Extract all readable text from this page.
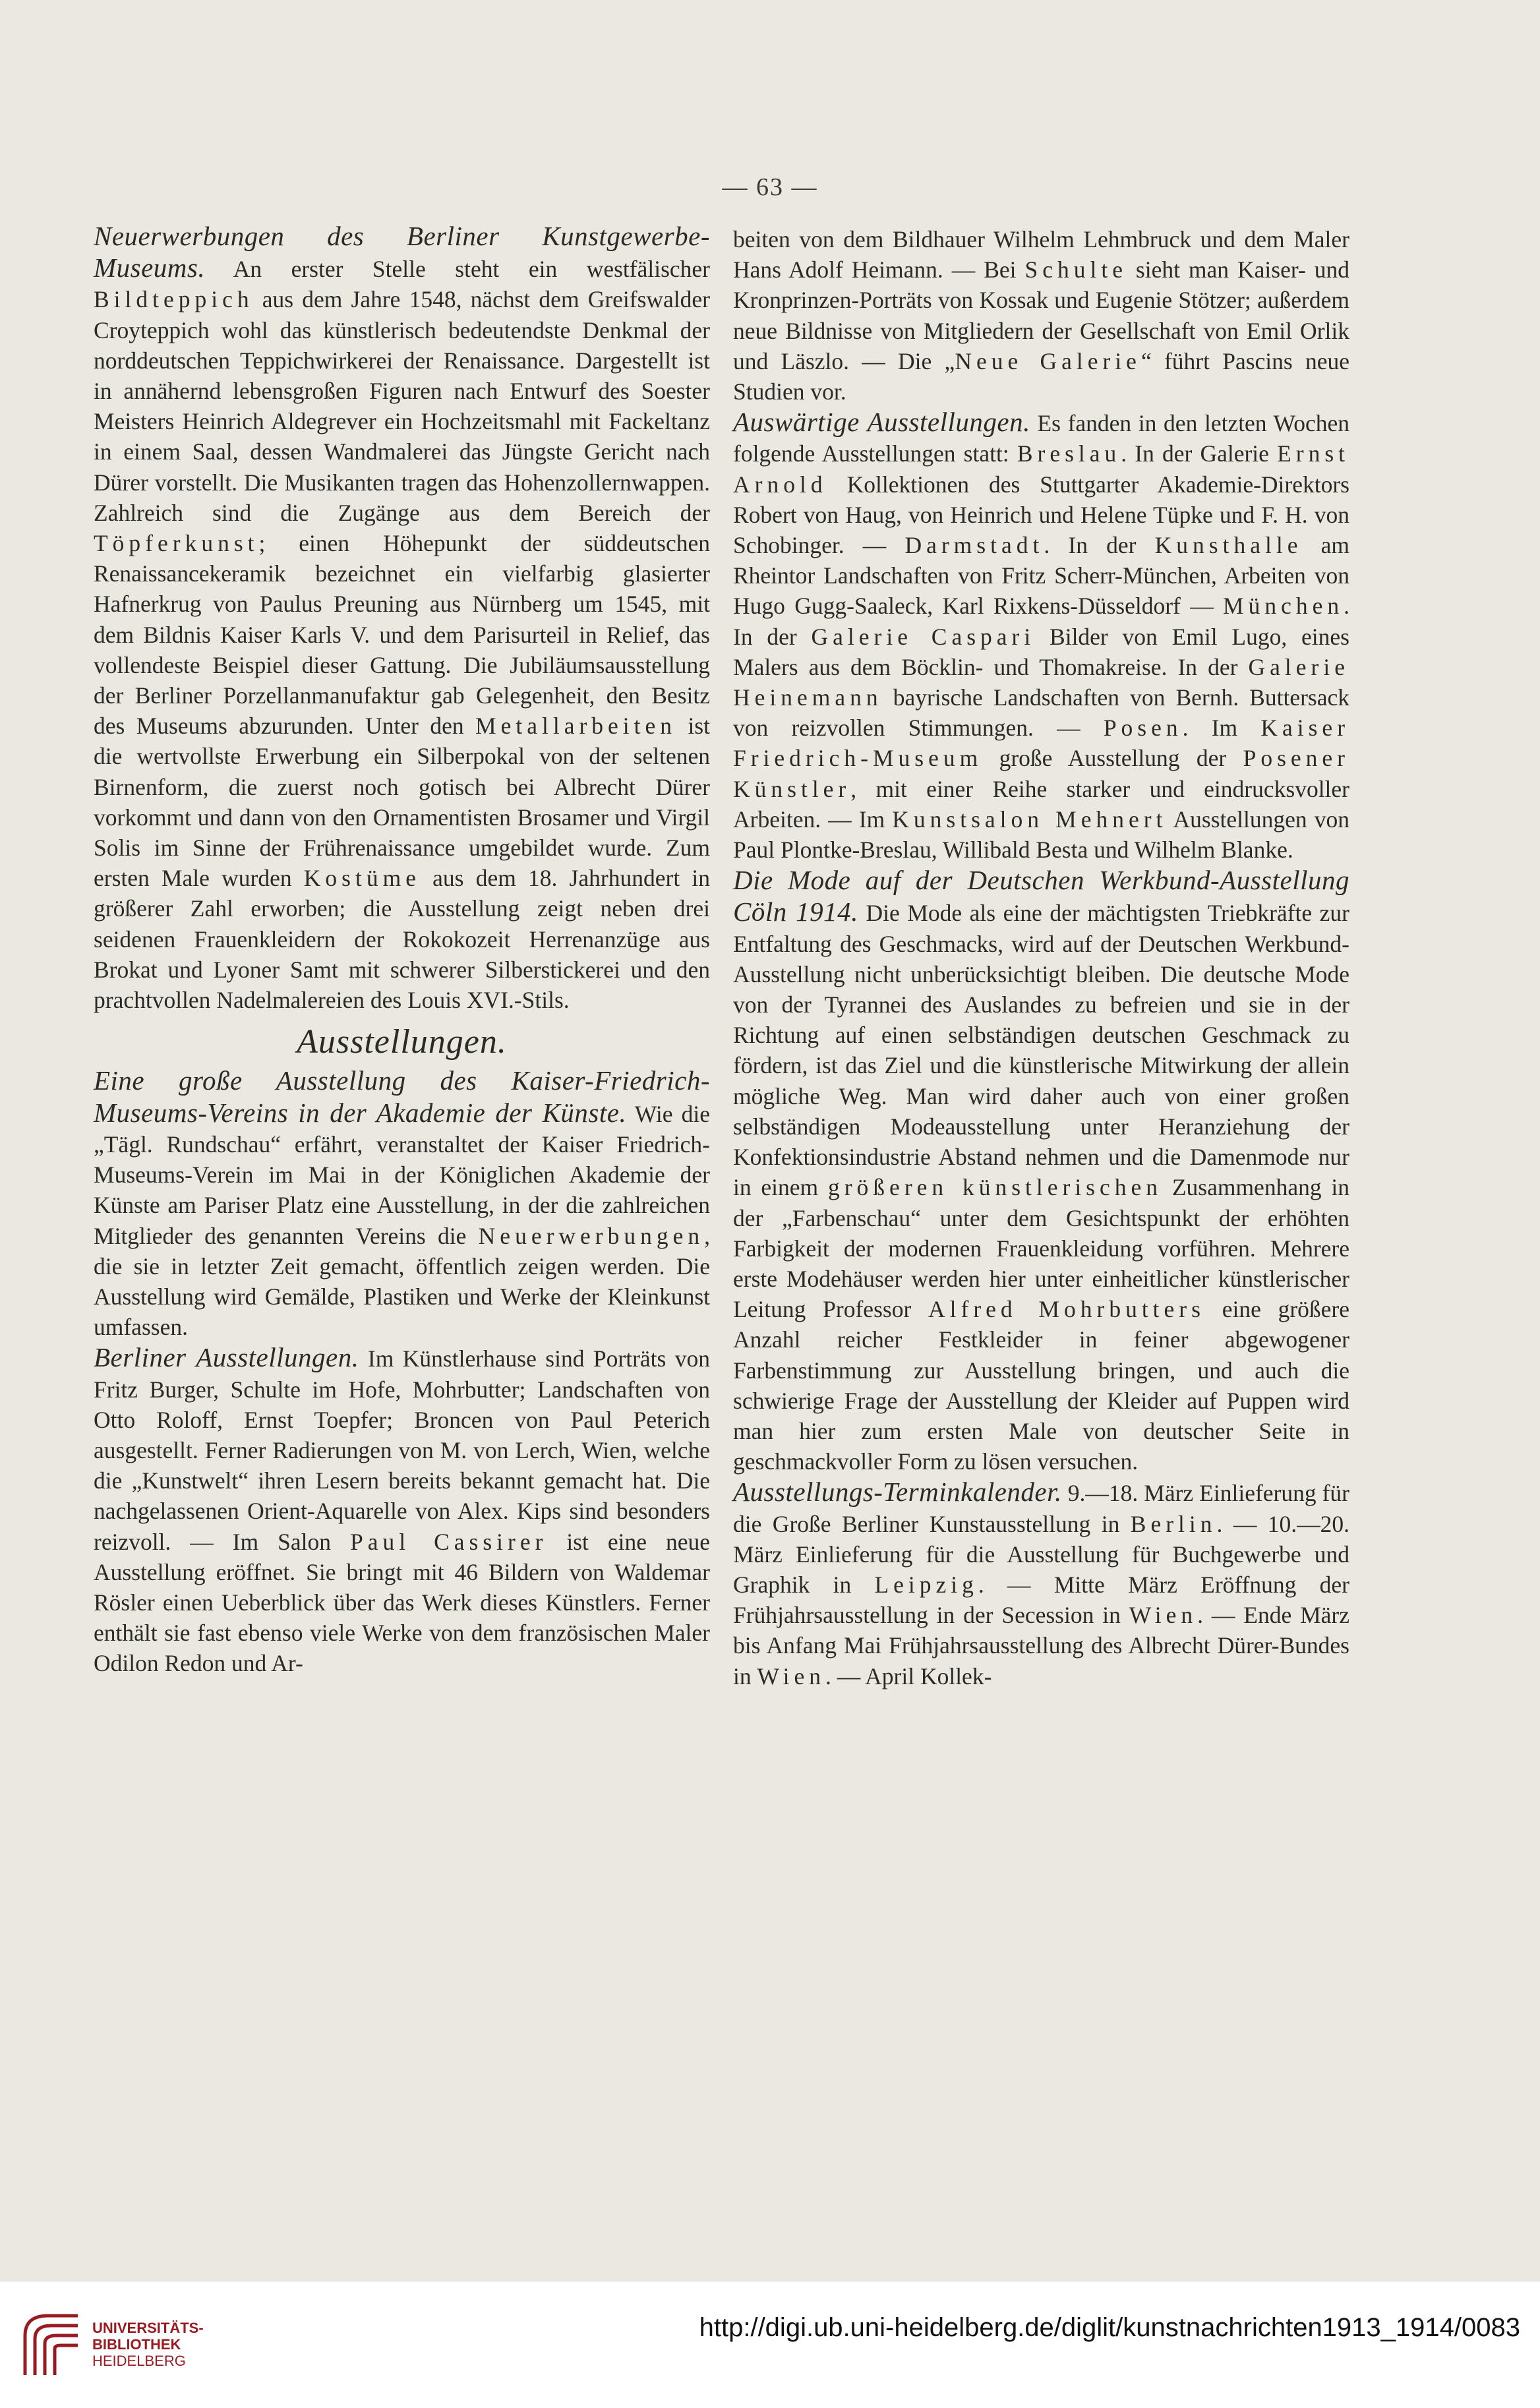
— 63 —

Neuerwerbungen des Berliner Kunstgewerbe-Museums. An erster Stelle steht ein westfälischer Bildteppich aus dem Jahre 1548, nächst dem Greifswalder Croyteppich wohl das künstlerisch bedeutendste Denkmal der norddeutschen Teppichwirkerei der Renaissance. Dargestellt ist in annähernd lebensgroßen Figuren nach Entwurf des Soester Meisters Heinrich Aldegrever ein Hochzeitsmahl mit Fackeltanz in einem Saal, dessen Wandmalerei das Jüngste Gericht nach Dürer vorstellt. Die Musikanten tragen das Hohenzollernwappen. Zahlreich sind die Zugänge aus dem Bereich der Töpferkunst; einen Höhepunkt der süddeutschen Renaissancekeramik bezeichnet ein vielfarbig glasierter Hafnerkrug von Paulus Preuning aus Nürnberg um 1545, mit dem Bildnis Kaiser Karls V. und dem Parisurteil in Relief, das vollendeste Beispiel dieser Gattung. Die Jubiläumsausstellung der Berliner Porzellanmanufaktur gab Gelegenheit, den Besitz des Museums abzurunden. Unter den Metallarbeiten ist die wertvollste Erwerbung ein Silberpokal von der seltenen Birnenform, die zuerst noch gotisch bei Albrecht Dürer vorkommt und dann von den Ornamentisten Brosamer und Virgil Solis im Sinne der Frührenaissance umgebildet wurde. Zum ersten Male wurden Kostüme aus dem 18. Jahrhundert in größerer Zahl erworben; die Ausstellung zeigt neben drei seidenen Frauenkleidern der Rokokozeit Herrenanzüge aus Brokat und Lyoner Samt mit schwerer Silberstickerei und den prachtvollen Nadelmalereien des Louis XVI.-Stils.

Ausstellungen.

Eine große Ausstellung des Kaiser-Friedrich-Museums-Vereins in der Akademie der Künste. Wie die „Tägl. Rundschau“ erfährt, veranstaltet der Kaiser Friedrich-Museums-Verein im Mai in der Königlichen Akademie der Künste am Pariser Platz eine Ausstellung, in der die zahlreichen Mitglieder des genannten Vereins die Neuerwerbungen, die sie in letzter Zeit gemacht, öffentlich zeigen werden. Die Ausstellung wird Gemälde, Plastiken und Werke der Kleinkunst umfassen.

Berliner Ausstellungen. Im Künstlerhause sind Porträts von Fritz Burger, Schulte im Hofe, Mohrbutter; Landschaften von Otto Roloff, Ernst Toepfer; Broncen von Paul Peterich ausgestellt. Ferner Radierungen von M. von Lerch, Wien, welche die „Kunstwelt“ ihren Lesern bereits bekannt gemacht hat. Die nachgelassenen Orient-Aquarelle von Alex. Kips sind besonders reizvoll. — Im Salon Paul Cassirer ist eine neue Ausstellung eröffnet. Sie bringt mit 46 Bildern von Waldemar Rösler einen Ueberblick über das Werk dieses Künstlers. Ferner enthält sie fast ebenso viele Werke von dem französischen Maler Odilon Redon und Ar-

beiten von dem Bildhauer Wilhelm Lehmbruck und dem Maler Hans Adolf Heimann. — Bei Schulte sieht man Kaiser- und Kronprinzen-Porträts von Kossak und Eugenie Stötzer; außerdem neue Bildnisse von Mitgliedern der Gesellschaft von Emil Orlik und Läszlo. — Die „Neue Galerie“ führt Pascins neue Studien vor.

Auswärtige Ausstellungen. Es fanden in den letzten Wochen folgende Ausstellungen statt: Breslau. In der Galerie Ernst Arnold Kollektionen des Stuttgarter Akademie-Direktors Robert von Haug, von Heinrich und Helene Tüpke und F. H. von Schobinger. — Darmstadt. In der Kunsthalle am Rheintor Landschaften von Fritz Scherr-München, Arbeiten von Hugo Gugg-Saaleck, Karl Rixkens-Düsseldorf — München. In der Galerie Caspari Bilder von Emil Lugo, eines Malers aus dem Böcklin- und Thomakreise. In der Galerie Heinemann bayrische Landschaften von Bernh. Buttersack von reizvollen Stimmungen. — Posen. Im Kaiser Friedrich-Museum große Ausstellung der Posener Künstler, mit einer Reihe starker und eindrucksvoller Arbeiten. — Im Kunstsalon Mehnert Ausstellungen von Paul Plontke-Breslau, Willibald Besta und Wilhelm Blanke.

Die Mode auf der Deutschen Werkbund-Ausstellung Cöln 1914. Die Mode als eine der mächtigsten Triebkräfte zur Entfaltung des Geschmacks, wird auf der Deutschen Werkbund-Ausstellung nicht unberücksichtigt bleiben. Die deutsche Mode von der Tyrannei des Auslandes zu befreien und sie in der Richtung auf einen selbständigen deutschen Geschmack zu fördern, ist das Ziel und die künstlerische Mitwirkung der allein mögliche Weg. Man wird daher auch von einer großen selbständigen Modeausstellung unter Heranziehung der Konfektionsindustrie Abstand nehmen und die Damenmode nur in einem größeren künstlerischen Zusammenhang in der „Farbenschau“ unter dem Gesichtspunkt der erhöhten Farbigkeit der modernen Frauenkleidung vorführen. Mehrere erste Modehäuser werden hier unter einheitlicher künstlerischer Leitung Professor Alfred Mohrbutters eine größere Anzahl reicher Festkleider in feiner abgewogener Farbenstimmung zur Ausstellung bringen, und auch die schwierige Frage der Ausstellung der Kleider auf Puppen wird man hier zum ersten Male von deutscher Seite in geschmackvoller Form zu lösen versuchen.

Ausstellungs-Terminkalender. 9.—18. März Einlieferung für die Große Berliner Kunstausstellung in Berlin. — 10.—20. März Einlieferung für die Ausstellung für Buchgewerbe und Graphik in Leipzig. — Mitte März Eröffnung der Frühjahrsausstellung in der Secession in Wien. — Ende März bis Anfang Mai Frühjahrsausstellung des Albrecht Dürer-Bundes in Wien. — April Kollek-

UNIVERSITÄTS-
BIBLIOTHEK
HEIDELBERG
http://digi.ub.uni-heidelberg.de/diglit/kunstnachrichten1913_1914/0083
